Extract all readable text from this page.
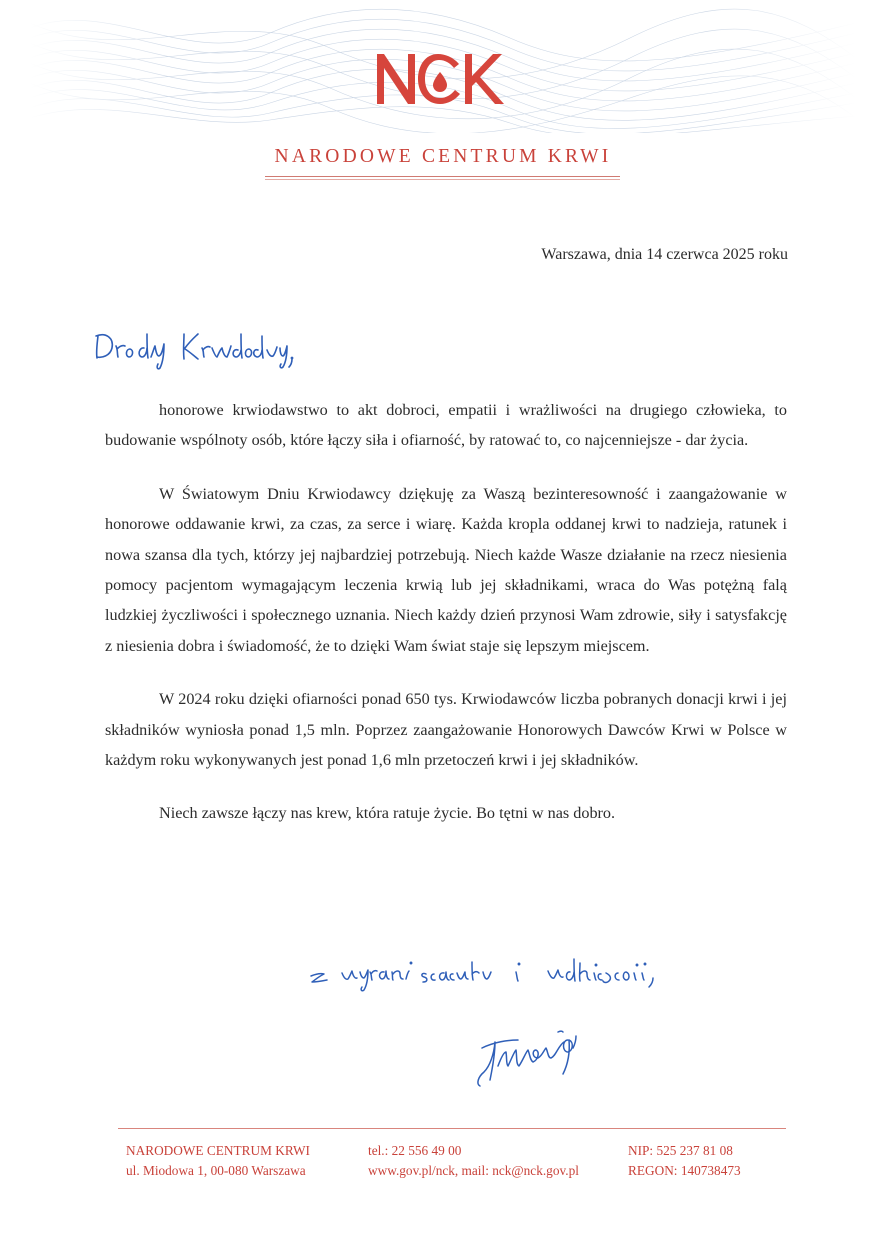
NARODOWE CENTRUM KRWI
Warszawa, dnia 14 czerwca 2025 roku

honorowe krwiodawstwo to akt dobroci, empatii i wrażliwości na drugiego człowieka, to budowanie wspólnoty osób, które łączy siła i ofiarność, by ratować to, co najcenniejsze - dar życia.

W Światowym Dniu Krwiodawcy dziękuję za Waszą bezinteresowność i zaangażowanie w honorowe oddawanie krwi, za czas, za serce i wiarę. Każda kropla oddanej krwi to nadzieja, ratunek i nowa szansa dla tych, którzy jej najbardziej potrzebują. Niech każde Wasze działanie na rzecz niesienia pomocy pacjentom wymagającym leczenia krwią lub jej składnikami, wraca do Was potężną falą ludzkiej życzliwości i społecznego uznania. Niech każdy dzień przynosi Wam zdrowie, siły i satysfakcję z niesienia dobra i świadomość, że to dzięki Wam świat staje się lepszym miejscem.

W 2024 roku dzięki ofiarności ponad 650 tys. Krwiodawców liczba pobranych donacji krwi i jej składników wyniosła ponad 1,5 mln. Poprzez zaangażowanie Honorowych Dawców Krwi w Polsce w każdym roku wykonywanych jest ponad 1,6 mln przetoczeń krwi i jej składników.

Niech zawsze łączy nas krew, która ratuje życie. Bo tętni w nas dobro.

NARODOWE CENTRUM KRWI
ul. Miodowa 1, 00-080 Warszawa
tel.: 22 556 49 00
www.gov.pl/nck, mail: nck@nck.gov.pl
NIP: 525 237 81 08
REGON: 140738473
